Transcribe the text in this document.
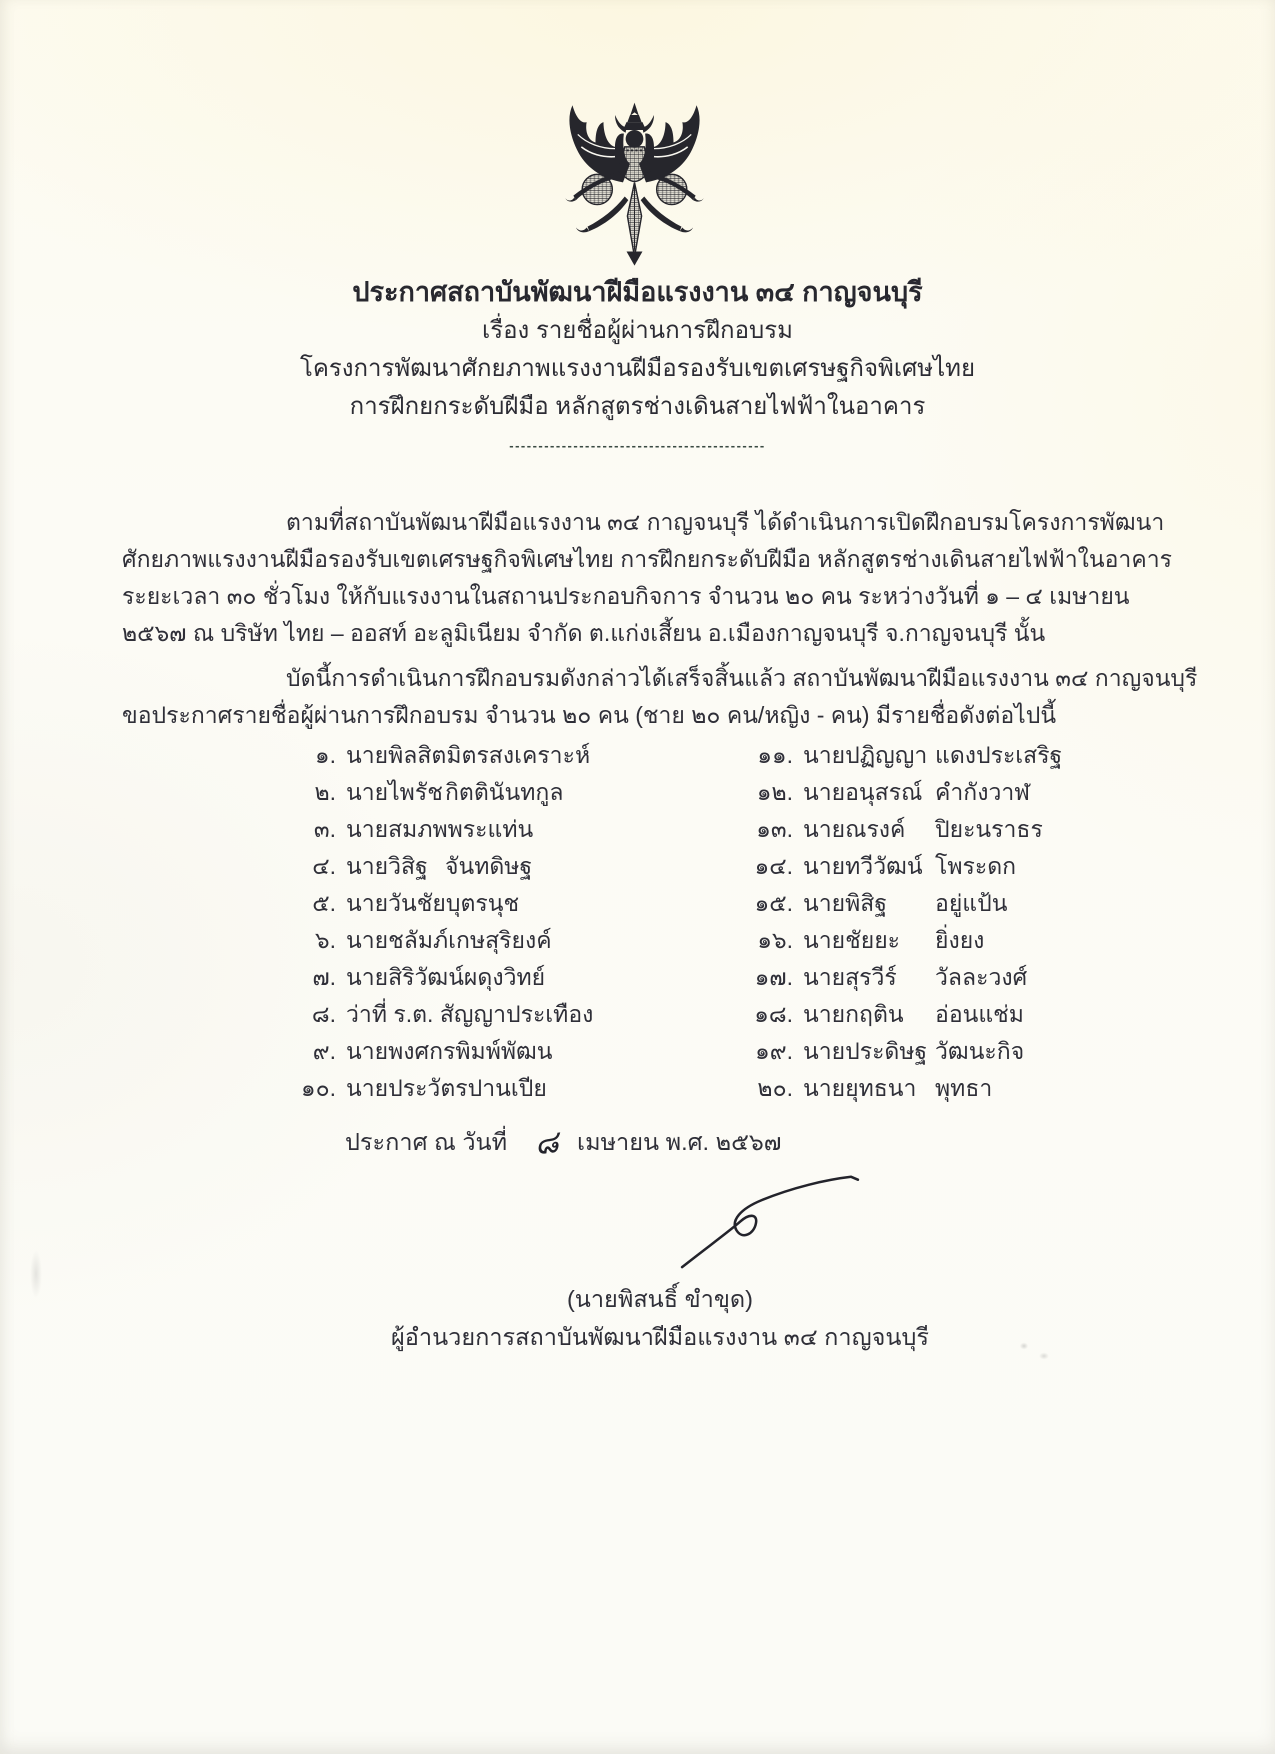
ประกาศสถาบันพัฒนาฝีมือแรงงาน ๓๔ กาญจนบุรี
เรื่อง รายชื่อผู้ผ่านการฝึกอบรม
โครงการพัฒนาศักยภาพแรงงานฝีมือรองรับเขตเศรษฐกิจพิเศษไทย
การฝึกยกระดับฝีมือ หลักสูตรช่างเดินสายไฟฟ้าในอาคาร
--------------------------------------------
ตามที่สถาบันพัฒนาฝีมือแรงงาน ๓๔ กาญจนบุรี ได้ดำเนินการเปิดฝึกอบรมโครงการพัฒนา
ศักยภาพแรงงานฝีมือรองรับเขตเศรษฐกิจพิเศษไทย การฝึกยกระดับฝีมือ หลักสูตรช่างเดินสายไฟฟ้าในอาคาร
ระยะเวลา ๓๐ ชั่วโมง ให้กับแรงงานในสถานประกอบกิจการ จำนวน ๒๐ คน ระหว่างวันที่ ๑ – ๔ เมษายน
๒๕๖๗ ณ บริษัท ไทย – ออสท์ อะลูมิเนียม จำกัด ต.แก่งเสี้ยน อ.เมืองกาญจนบุรี จ.กาญจนบุรี นั้น
บัดนี้การดำเนินการฝึกอบรมดังกล่าวได้เสร็จสิ้นแล้ว สถาบันพัฒนาฝีมือแรงงาน ๓๔ กาญจนบุรี
ขอประกาศรายชื่อผู้ผ่านการฝึกอบรม จำนวน ๒๐ คน (ชาย ๒๐ คน/หญิง - คน) มีรายชื่อดังต่อไปนี้
๑. นายพิลสิต มิตรสงเคราะห์
๒. นายไพรัช กิตตินันทกูล
๓. นายสมภพ พระแท่น
๔. นายวิสิฐ จันทดิษฐ
๕. นายวันชัย บุตรนุช
๖. นายชลัมภ์ เกษสุริยงค์
๗. นายสิริวัฒน์ ผดุงวิทย์
๘. ว่าที่ ร.ต. สัญญา ประเทือง
๙. นายพงศกร พิมพ์พัฒน
๑๐. นายประวัตร ปานเปีย
๑๑. นายปฏิญญา แดงประเสริฐ
๑๒. นายอนุสรณ์ คำกังวาฬ
๑๓. นายณรงค์ ปิยะนราธร
๑๔. นายทวีวัฒน์ โพระดก
๑๕. นายพิสิฐ อยู่แป้น
๑๖. นายชัยยะ ยิ่งยง
๑๗. นายสุรวีร์ วัลละวงศ์
๑๘. นายกฤติน อ่อนแช่ม
๑๙. นายประดิษฐ วัฒนะกิจ
๒๐. นายยุทธนา พุทธา
ประกาศ ณ วันที่ ๘ เมษายน พ.ศ. ๒๕๖๗
(นายพิสนธิ์ ขำขุด)
ผู้อำนวยการสถาบันพัฒนาฝีมือแรงงาน ๓๔ กาญจนบุรี
